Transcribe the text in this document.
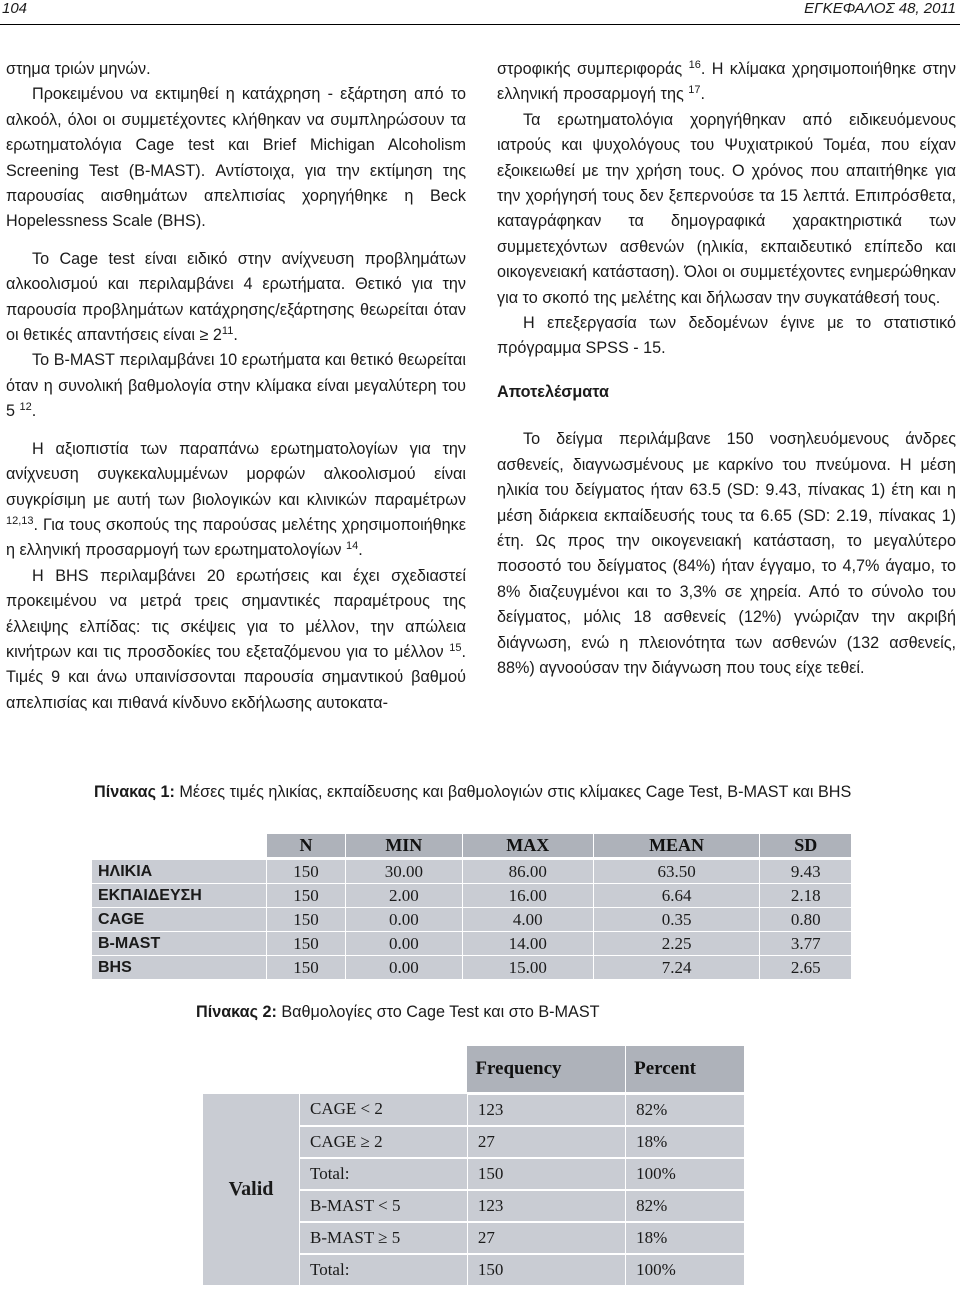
104	ΕΓΚΕΦΑΛΟΣ 48, 2011

στημα τριών μηνών.

Προκειμένου να εκτιμηθεί η κατάχρηση - εξάρτηση από το αλκοόλ, όλοι οι συμμετέχοντες κλήθηκαν να συμπληρώσουν τα ερωτηματολόγια Cage test και Brief Michigan Alcoholism Screening Test (B-MAST). Αντίστοιχα, για την εκτίμηση της παρουσίας αισθημάτων απελπισίας χορηγήθηκε η Beck Hopelessness Scale (BHS).

Το Cage test είναι ειδικό στην ανίχνευση προβλημάτων αλκοολισμού και περιλαμβάνει 4 ερωτήματα. Θετικό για την παρουσία προβλημάτων κατάχρησης/εξάρτησης θεωρείται όταν οι θετικές απαντήσεις $\varepsilon ί\nu\alpha\iota \ge 2^{11}$.

Το B-MAST περιλαμβάνει 10 ερωτήματα και θετικό θεωρείται όταν η συνολική βαθμολογία στην κλίμακα είναι μεγαλύτερη του 5 $^{12}$.

Η αξιοπιστία των παραπάνω ερωτηματολογίων για την ανίχνευση συγκεκαλυμμένων μορφών αλκοολισμού είναι συγκρίσιμη με αυτή των βιολογικών και κλινικών παραμέτρων $^{12,13}$. Για τους σκοπούς της παρούσας μελέτης χρησιμοποιήθηκε η ελληνική προσαρμογή των ερωτηματολογίων $^{14}$.

Η BHS περιλαμβάνει 20 ερωτήσεις και έχει σχεδιαστεί προκειμένου να μετρά τρεις σημαντικές παραμέτρους της έλλειψης ελπίδας: τις σκέψεις για το μέλλον, την απώλεια κινήτρων και τις προσδοκίες του εξεταζόμενου για το μέλλον $^{15}$. Τιμές 9 και άνω υπαινίσσονται παρουσία σημαντικού βαθμού απελπισίας και πιθανά κίνδυνο εκδήλωσης αυτοκατα-

στροφικής συμπεριφοράς $^{16}$. Η κλίμακα χρησιμοποιήθηκε στην ελληνική προσαρμογή της $^{17}$.

Τα ερωτηματολόγια χορηγήθηκαν από ειδικευόμενους ιατρούς και ψυχολόγους του Ψυχιατρικού Τομέα, που είχαν εξοικειωθεί με την χρήση τους. Ο χρόνος που απαιτήθηκε για την χορήγησή τους δεν ξεπερνούσε τα 15 λεπτά. Επιπρόσθετα, καταγράφηκαν τα δημογραφικά χαρακτηριστικά των συμμετεχόντων ασθενών (ηλικία, εκπαιδευτικό επίπεδο και οικογενειακή κατάσταση). Όλοι οι συμμετέχοντες ενημερώθηκαν για το σκοπό της μελέτης και δήλωσαν την συγκατάθεσή τους.

Η επεξεργασία των δεδομένων έγινε με το στατιστικό πρόγραμμα SPSS - 15.

Αποτελέσματα

Το δείγμα περιλάμβανε 150 νοσηλευόμενους άνδρες ασθενείς, διαγνωσμένους με καρκίνο του πνεύμονα. Η μέση ηλικία του δείγματος ήταν 63.5 (SD: 9.43, πίνακας 1) έτη και η μέση διάρκεια εκπαίδευσής τους τα 6.65 (SD: 2.19, πίνακας 1) έτη. Ως προς την οικογενειακή κατάσταση, το μεγαλύτερο ποσοστό του δείγματος (84%) ήταν έγγαμο, το 4,7% άγαμο, το 8% διαζευγμένοι και το 3,3% σε χηρεία. Από το σύνολο του δείγματος, μόλις 18 ασθενείς (12%) γνώριζαν την ακριβή διάγνωση, ενώ η πλειονότητα των ασθενών (132 ασθενείς, 88%) αγνοούσαν την διάγνωση που τους είχε τεθεί.

Πίνακας 1: Μέσες τιμές ηλικίας, εκπαίδευσης και βαθμολογιών στις κλίμακες Cage Test, B-MAST και BHS
	N	MIN	MAX	MEAN	SD
ΗΛΙΚΙΑ	150	30.00	86.00	63.50	9.43
ΕΚΠΑΙΔΕΥΣΗ	150	2.00	16.00	6.64	2.18
CAGE	150	0.00	4.00	0.35	0.80
B-MAST	150	0.00	14.00	2.25	3.77
BHS	150	0.00	15.00	7.24	2.65
Πίνακας 2: Βαθμολογίες στο Cage Test και στο B-MAST
		Frequency	Percent
Valid	CAGE < 2	123	82%
	CAGE ≥ 2	27	18%
	Total:	150	100%
	B-MAST < 5	123	82%
	B-MAST ≥ 5	27	18%
	Total:	150	100%
